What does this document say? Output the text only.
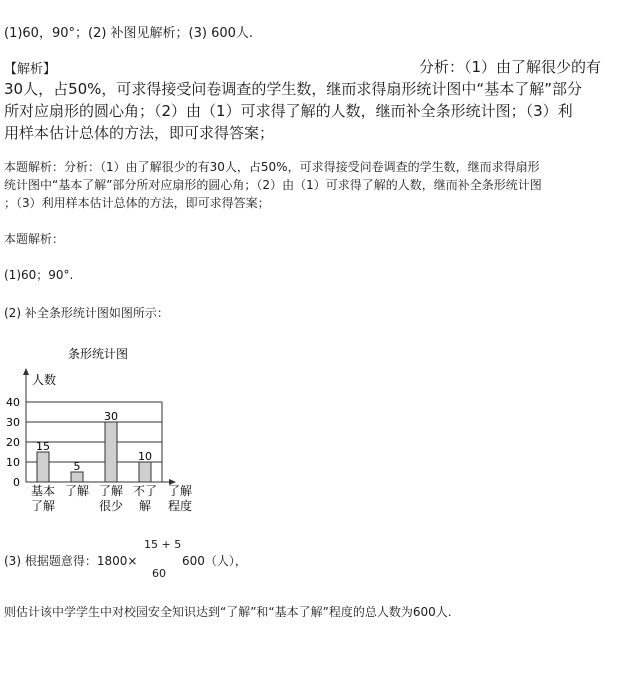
(1)60，90°；(2) 补图见解析；(3) 600人.

【解析】	分析：（1）由了解很少的有

30人，占50%，可求得接受问卷调查的学生数，继而求得扇形统计图中“基本了解”部分

所对应扇形的圆心角；（2）由（1）可求得了解的人数，继而补全条形统计图；（3）利

用样本估计总体的方法，即可求得答案；

本题解析：分析：（1）由了解很少的有30人，占50%，可求得接受问卷调查的学生数，继而求得扇形

统计图中“基本了解”部分所对应扇形的圆心角；（2）由（1）可求得了解的人数，继而补全条形统计图

；（3）利用样本估计总体的方法，即可求得答案；

本题解析：

(1)60；90°.

(2) 补全条形统计图如图所示：

条形统计图
人数
0
10
20
30
40
15
5
30
10
基本
了解
了解 了解
很少
不了
解
了解
程度

(3) 根据题意得：1800×

15 + 5
60

600（人），

则估计该中学学生中对校园安全知识达到“了解”和“基本了解”程度的总人数为600人.
